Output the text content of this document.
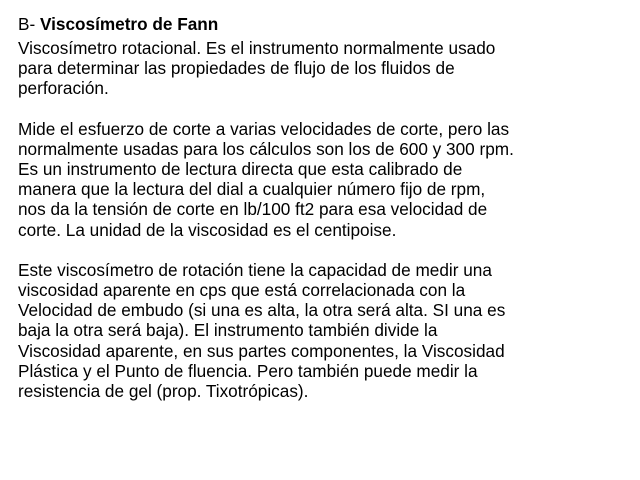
B- Viscosímetro de Fann

Viscosímetro rotacional. Es el instrumento normalmente usado
para determinar las propiedades de flujo de los fluidos de
perforación.

Mide el esfuerzo de corte a varias velocidades de corte, pero las
normalmente usadas para los cálculos son los de 600 y 300 rpm.
Es un instrumento de lectura directa que esta calibrado de
manera que la lectura del dial a cualquier número fijo de rpm,
nos da la tensión de corte en lb/100 ft2 para esa velocidad de
corte. La unidad de la viscosidad es el centipoise.

Este viscosímetro de rotación tiene la capacidad de medir una
viscosidad aparente en cps que está correlacionada con la
Velocidad de embudo (si una es alta, la otra será alta. SI una es
baja la otra será baja). El instrumento también divide la
Viscosidad aparente, en sus partes componentes, la Viscosidad
Plástica y el Punto de fluencia. Pero también puede medir la
resistencia de gel (prop. Tixotrópicas).
